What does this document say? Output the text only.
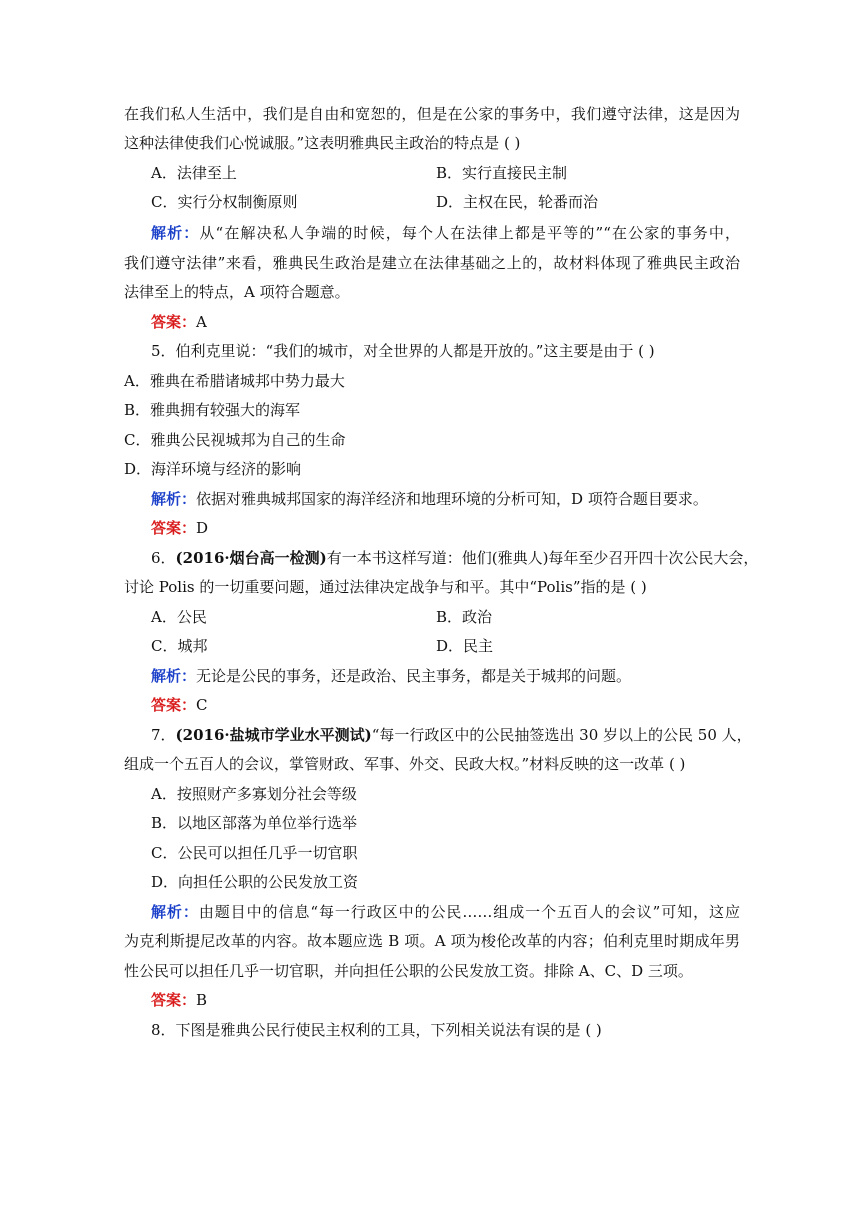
在我们私人生活中，我们是自由和宽恕的，但是在公家的事务中，我们遵守法律，这是因为
这种法律使我们心悦诚服。”这表明雅典民主政治的特点是 ( )
A．法律至上	B．实行直接民主制
C．实行分权制衡原则	D．主权在民，轮番而治
解析：从“在解决私人争端的时候，每个人在法律上都是平等的”“在公家的事务中，
我们遵守法律”来看，雅典民生政治是建立在法律基础之上的，故材料体现了雅典民主政治
法律至上的特点，A 项符合题意。
答案：A
5．伯利克里说：“我们的城市，对全世界的人都是开放的。”这主要是由于 ( )
A．雅典在希腊诸城邦中势力最大
B．雅典拥有较强大的海军
C．雅典公民视城邦为自己的生命
D．海洋环境与经济的影响
解析：依据对雅典城邦国家的海洋经济和地理环境的分析可知，D 项符合题目要求。
答案：D
6．(2016·烟台高一检测)有一本书这样写道：他们(雅典人)每年至少召开四十次公民大会，
讨论 Polis 的一切重要问题，通过法律决定战争与和平。其中“Polis”指的是 ( )
A．公民	B．政治
C．城邦	D．民主
解析：无论是公民的事务，还是政治、民主事务，都是关于城邦的问题。
答案：C
7．(2016·盐城市学业水平测试)“每一行政区中的公民抽签选出 30 岁以上的公民 50 人，
组成一个五百人的会议，掌管财政、军事、外交、民政大权。”材料反映的这一改革 ( )
A．按照财产多寡划分社会等级
B．以地区部落为单位举行选举
C．公民可以担任几乎一切官职
D．向担任公职的公民发放工资
解析：由题目中的信息“每一行政区中的公民……组成一个五百人的会议”可知，这应
为克利斯提尼改革的内容。故本题应选 B 项。A 项为梭伦改革的内容；伯利克里时期成年男
性公民可以担任几乎一切官职，并向担任公职的公民发放工资。排除 A、C、D 三项。
答案：B
8．下图是雅典公民行使民主权利的工具，下列相关说法有误的是 ( )
